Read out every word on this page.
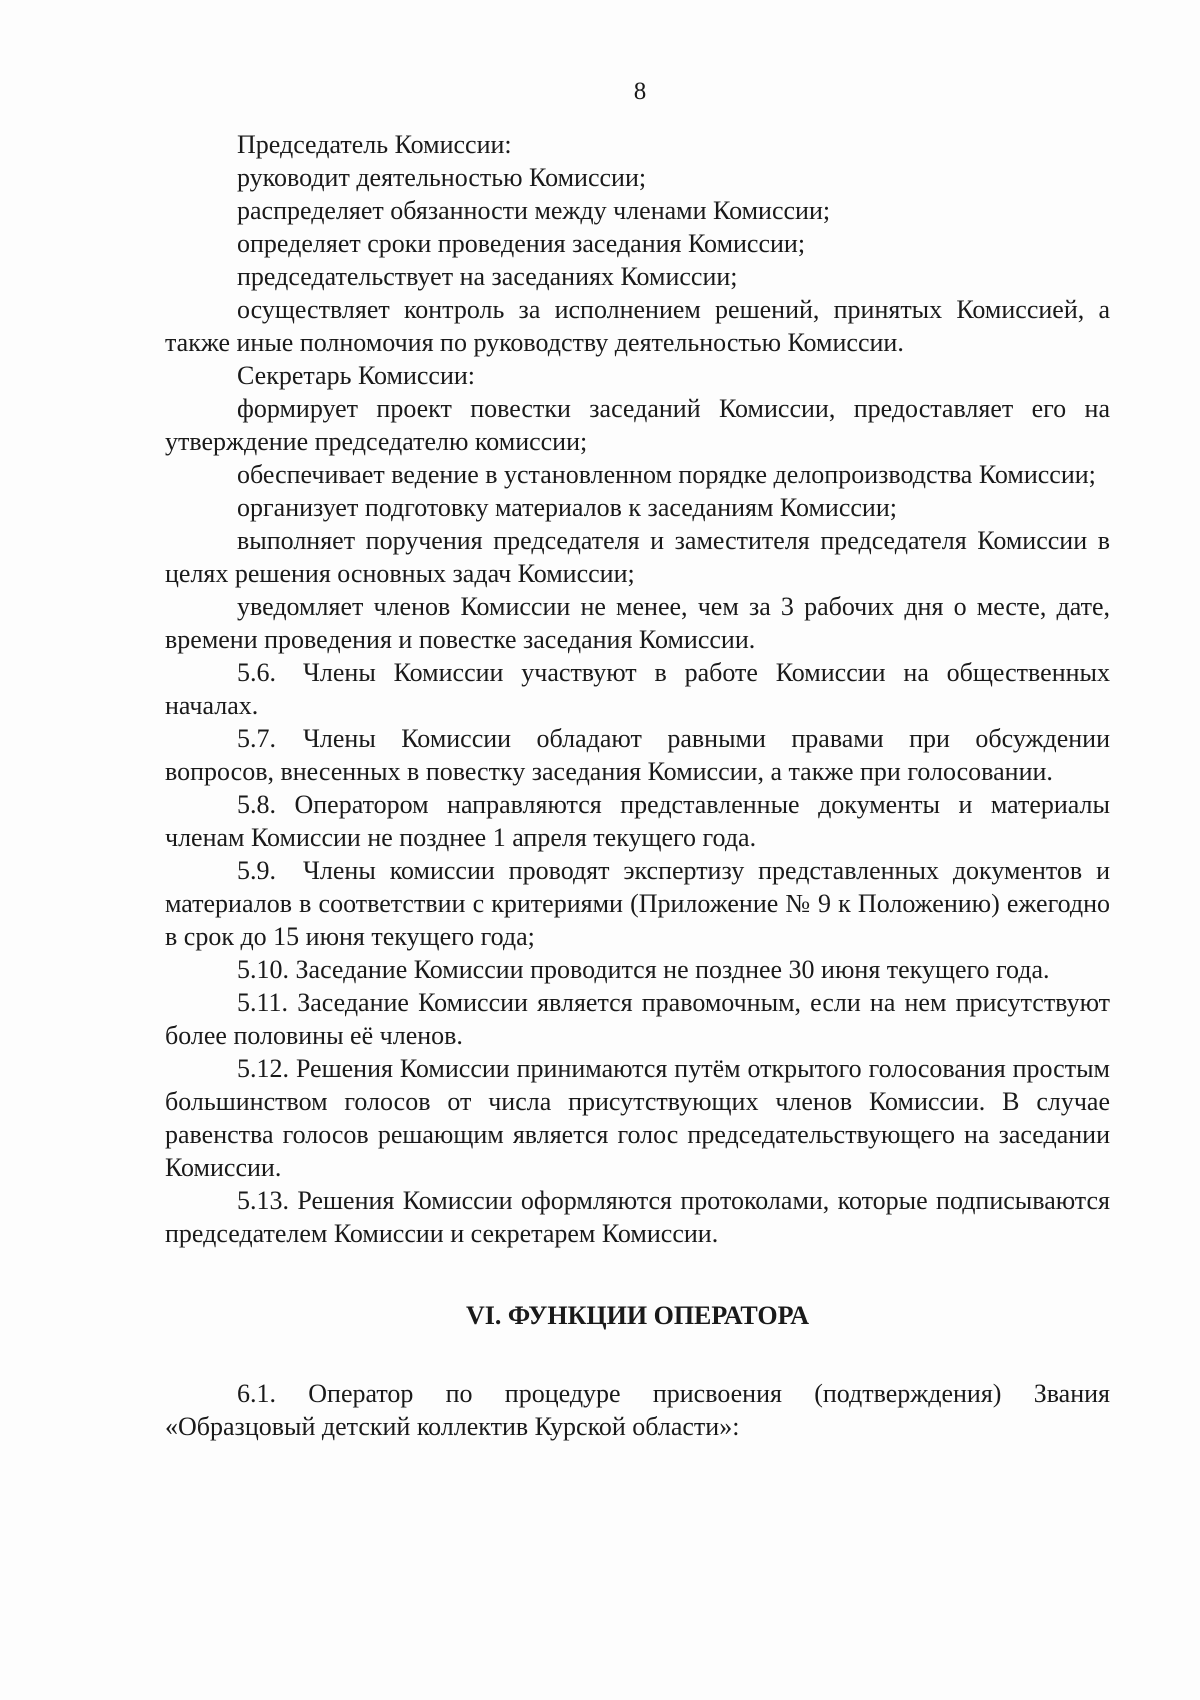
8

Председатель Комиссии:

руководит деятельностью Комиссии;

распределяет обязанности между членами Комиссии;

определяет сроки проведения заседания Комиссии;

председательствует на заседаниях Комиссии;

осуществляет контроль за исполнением решений, принятых Комиссией, а также иные полномочия по руководству деятельностью Комиссии.

Секретарь Комиссии:

формирует проект повестки заседаний Комиссии, предоставляет его на утверждение председателю комиссии;

обеспечивает ведение в установленном порядке делопроизводства Комиссии;

организует подготовку материалов к заседаниям Комиссии;

выполняет поручения председателя и заместителя председателя Комиссии в целях решения основных задач Комиссии;

уведомляет членов Комиссии не менее, чем за 3 рабочих дня о месте, дате, времени проведения и повестке заседания Комиссии.

5.6. Члены Комиссии участвуют в работе Комиссии на общественных началах.

5.7. Члены Комиссии обладают равными правами при обсуждении вопросов, внесенных в повестку заседания Комиссии, а также при голосовании.

5.8. Оператором направляются представленные документы и материалы членам Комиссии не позднее 1 апреля текущего года.

5.9. Члены комиссии проводят экспертизу представленных документов и материалов в соответствии с критериями (Приложение № 9 к Положению) ежегодно в срок до 15 июня текущего года;

5.10. Заседание Комиссии проводится не позднее 30 июня текущего года.

5.11. Заседание Комиссии является правомочным, если на нем присутствуют более половины её членов.

5.12. Решения Комиссии принимаются путём открытого голосования простым большинством голосов от числа присутствующих членов Комиссии. В случае равенства голосов решающим является голос председательствующего на заседании Комиссии.

5.13. Решения Комиссии оформляются протоколами, которые подписываются председателем Комиссии и секретарем Комиссии.

VI. ФУНКЦИИ ОПЕРАТОРА

6.1. Оператор по процедуре присвоения (подтверждения) Звания «Образцовый детский коллектив Курской области»:
